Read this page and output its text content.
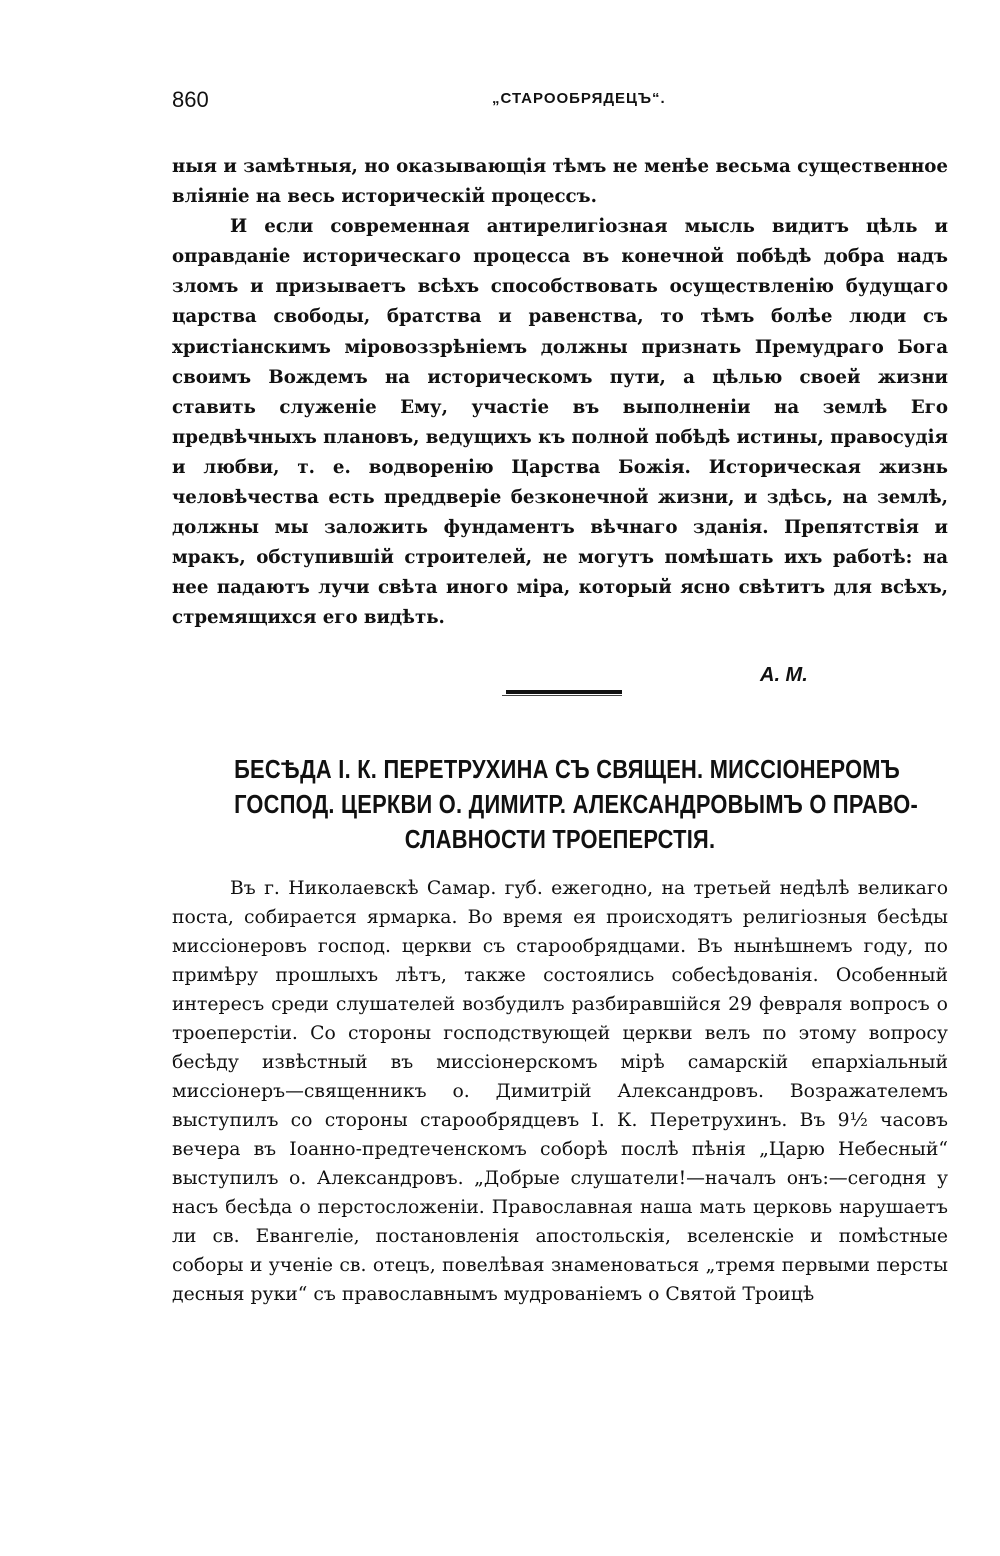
860	„СТАРООБРЯДЕЦЪ“.

ныя и замѣтныя, но оказывающія тѣмъ не менѣе весьма существенное вліяніе на весь историческій процессъ.

И если современная антирелигіозная мысль видитъ цѣль и оправданіе историческаго процесса въ конечной побѣдѣ добра надъ зломъ и призываетъ всѣхъ способствовать осуществленію будущаго царства свободы, братства и равенства, то тѣмъ болѣе люди съ христіанскимъ міровоззрѣніемъ должны признать Премудраго Бога своимъ Вождемъ на историческомъ пути, а цѣлью своей жизни ставить служеніе Ему, участіе въ выполненіи на землѣ Его предвѣчныхъ плановъ, ведущихъ къ полной побѣдѣ истины, правосудія и любви, т. е. водворенію Царства Божія. Историческая жизнь человѣчества есть преддверіе безконечной жизни, и здѣсь, на землѣ, должны мы заложить фундаментъ вѣчнаго зданія. Препятствія и мракъ, обступившій строителей, не могутъ помѣшать ихъ работѣ: на нее падаютъ лучи свѣта иного міра, который ясно свѣтитъ для всѣхъ, стремящихся его видѣть.

А. М.
БЕСѢДА І. К. ПЕРЕТРУХИНА СЪ СВЯЩЕН. МИССІОНЕРОМЪ
ГОСПОД. ЦЕРКВИ О. ДИМИТР. АЛЕКСАНДРОВЫМЪ О ПРАВО-
СЛАВНОСТИ ТРОЕПЕРСТІЯ.

Въ г. Николаевскѣ Самар. губ. ежегодно, на третьей недѣлѣ великаго поста, собирается ярмарка. Во время ея происходятъ религіозныя бесѣды миссіонеровъ господ. церкви съ старообрядцами. Въ нынѣшнемъ году, по примѣру прошлыхъ лѣтъ, также состоялись собесѣдованія. Особенный интересъ среди слушателей возбудилъ разбиравшійся 29 февраля вопросъ о троеперстіи. Со стороны господствующей церкви велъ по этому вопросу бесѣду извѣстный въ миссіонерскомъ мірѣ самарскій епархіальный миссіонеръ—священникъ о. Димитрій Александровъ. Возражателемъ выступилъ со стороны старообрядцевъ І. К. Перетрухинъ. Въ 9½ часовъ вечера въ Іоанно-предтеченскомъ соборѣ послѣ пѣнія „Царю Небесный“ выступилъ о. Александровъ. „Добрые слушатели!—началъ онъ:—сегодня у насъ бесѣда о перстосложеніи. Православная наша мать церковь нарушаетъ ли св. Евангеліе, постановленія апостольскія, вселенскіе и помѣстные соборы и ученіе св. отецъ, повелѣвая знаменоваться „тремя первыми персты десныя руки“ съ православнымъ мудрованіемъ о Святой Троицѣ
